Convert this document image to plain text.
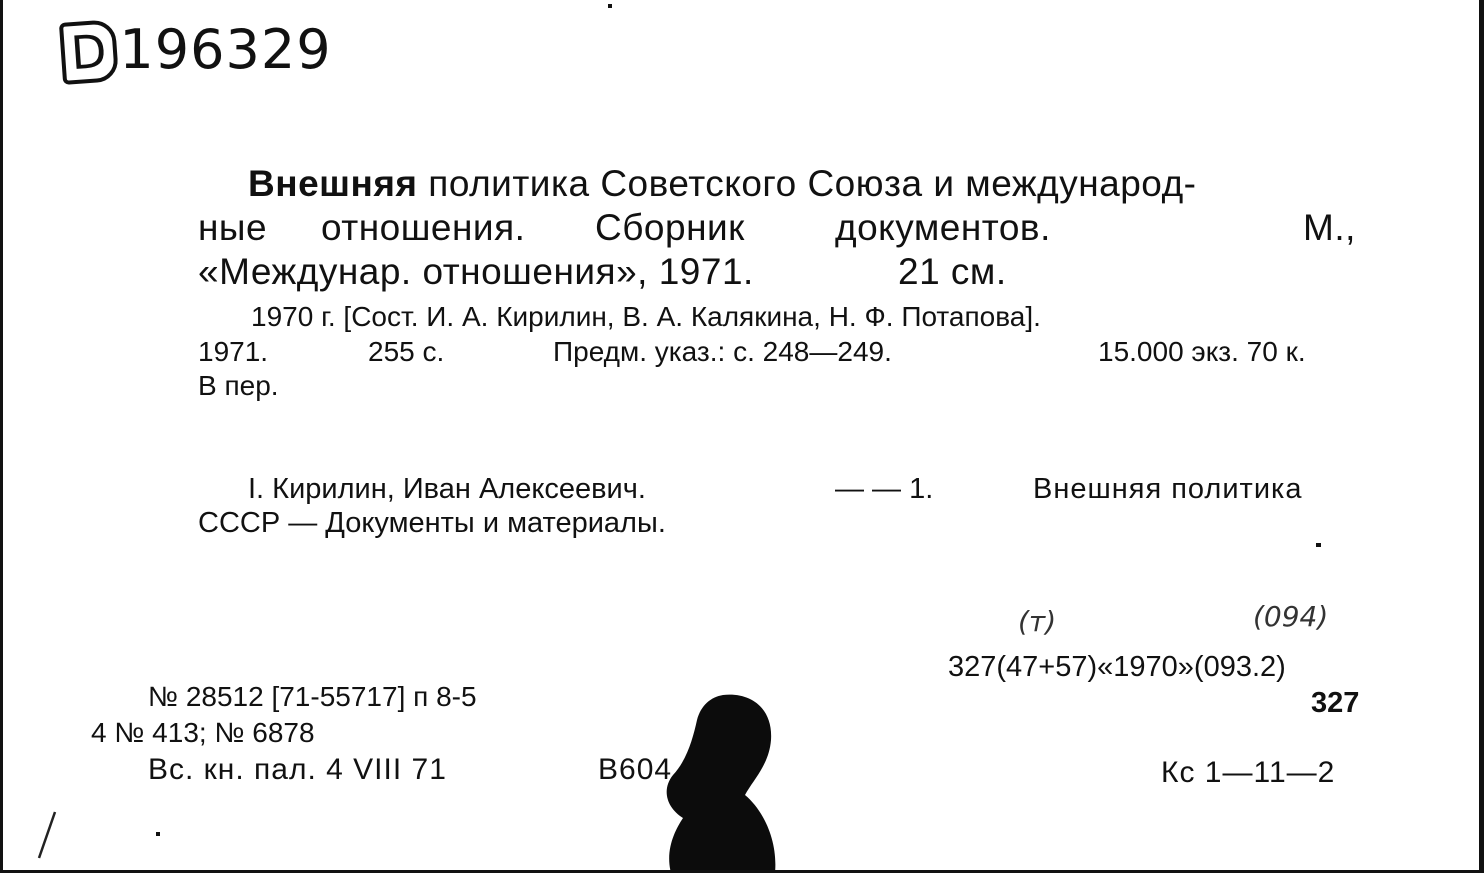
D 196329
Внешняя политика Советского Союза и международ-
ные отношения. Сборник документов.	М.,
«Междунар. отношения», 1971.	21 см.
1970 г. [Сост. И. А. Кирилин, В. А. Калякина, Н. Ф. Потапова].
1971.	255 с.	Предм. указ.: с. 248—249.	15.000 экз. 70 к.
В пер.
I. Кирилин, Иван Алексеевич.	— — 1.	Внешняя политика
СССР — Документы и материалы.
(т)	(094)
327(47+57)«1970»(093.2)
327
Кс 1—11—2
№ 28512 [71-55717] п 8-5
4 № 413; № 6878
Вс. кн. пал. 4 VIII 71	В604
